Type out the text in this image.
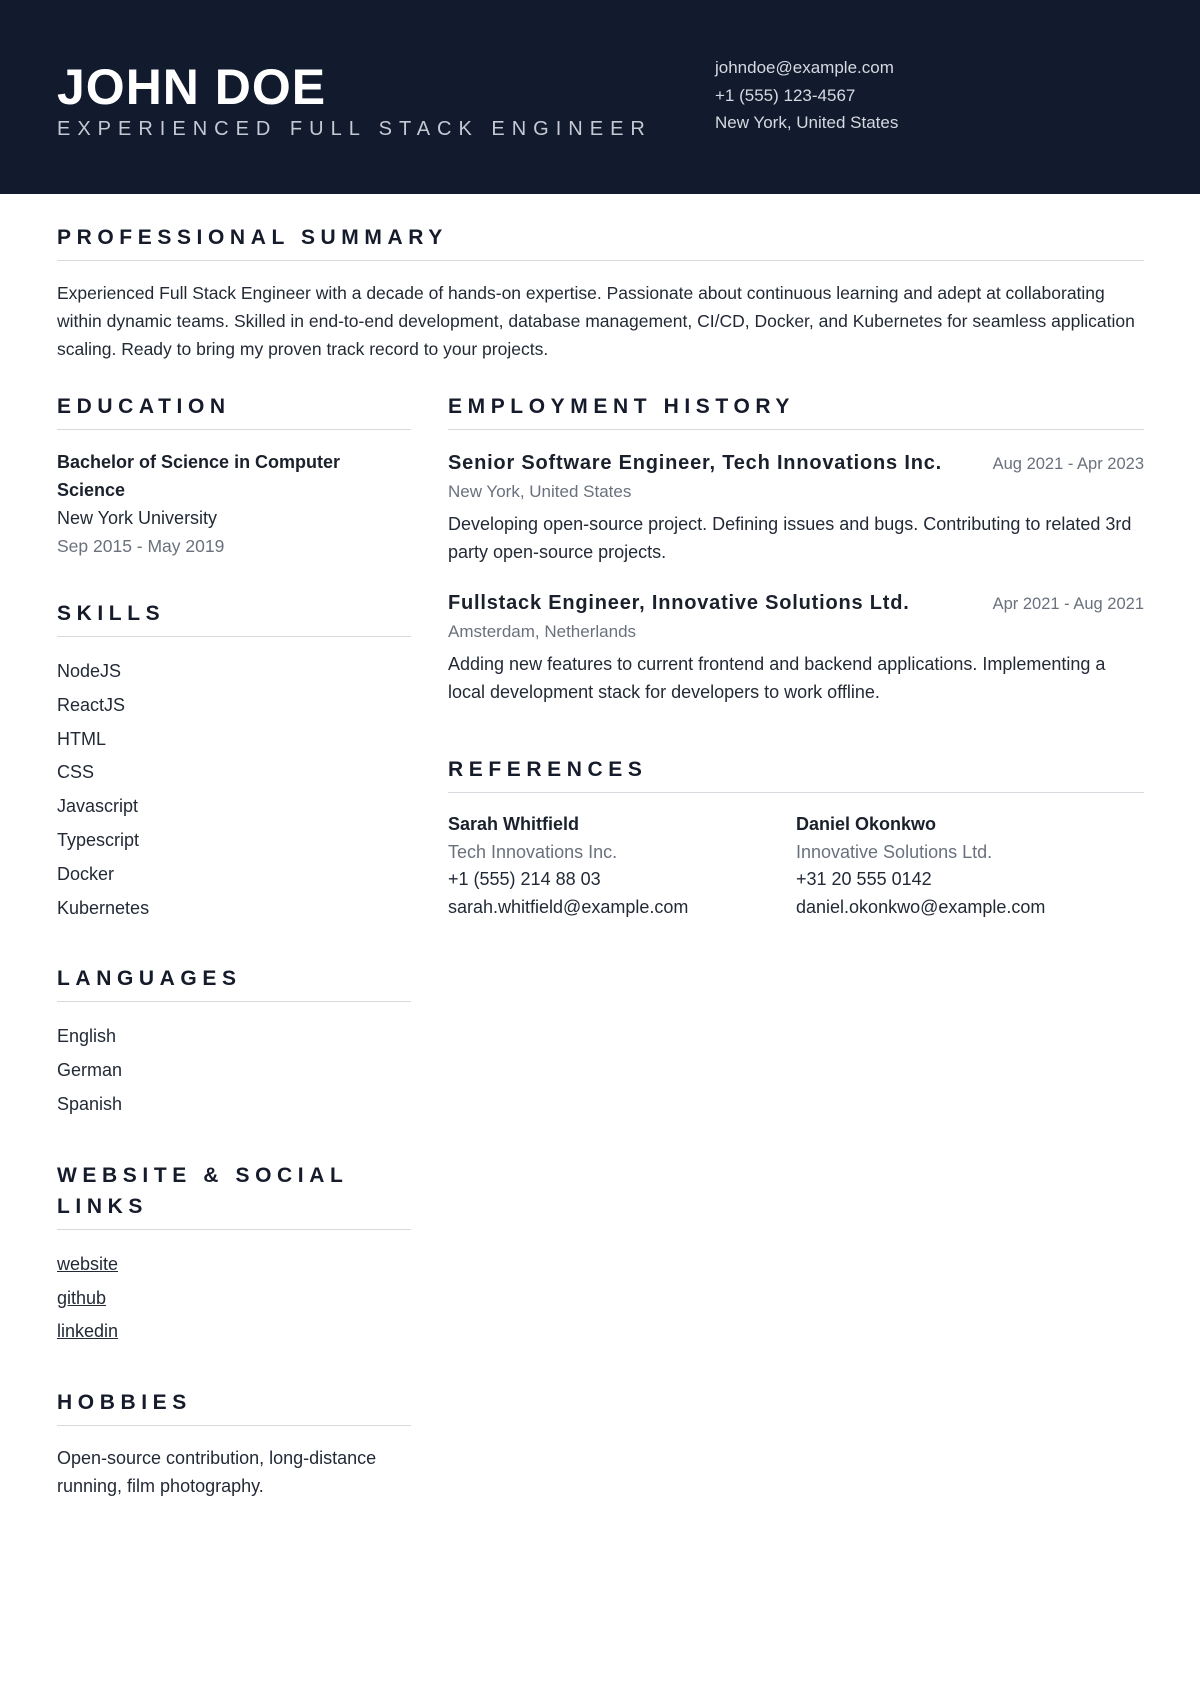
JOHN DOE
EXPERIENCED FULL STACK ENGINEER
johndoe@example.com
+1 (555) 123-4567
New York, United States
PROFESSIONAL SUMMARY
Experienced Full Stack Engineer with a decade of hands-on expertise. Passionate about continuous learning and adept at collaborating within dynamic teams. Skilled in end-to-end development, database management, CI/CD, Docker, and Kubernetes for seamless application scaling. Ready to bring my proven track record to your projects.
EDUCATION
Bachelor of Science in Computer Science
New York University
Sep 2015 - May 2019
SKILLS
NodeJS
ReactJS
HTML
CSS
Javascript
Typescript
Docker
Kubernetes
LANGUAGES
English
German
Spanish
WEBSITE & SOCIAL LINKS
website
github
linkedin
HOBBIES
Open-source contribution, long-distance running, film photography.
EMPLOYMENT HISTORY
Senior Software Engineer, Tech Innovations Inc.	Aug 2021 - Apr 2023
New York, United States
Developing open-source project. Defining issues and bugs. Contributing to related 3rd party open-source projects.
Fullstack Engineer, Innovative Solutions Ltd.	Apr 2021 - Aug 2021
Amsterdam, Netherlands
Adding new features to current frontend and backend applications. Implementing a local development stack for developers to work offline.
REFERENCES
Sarah Whitfield
Tech Innovations Inc.
+1 (555) 214 88 03
sarah.whitfield@example.com
Daniel Okonkwo
Innovative Solutions Ltd.
+31 20 555 0142
daniel.okonkwo@example.com
